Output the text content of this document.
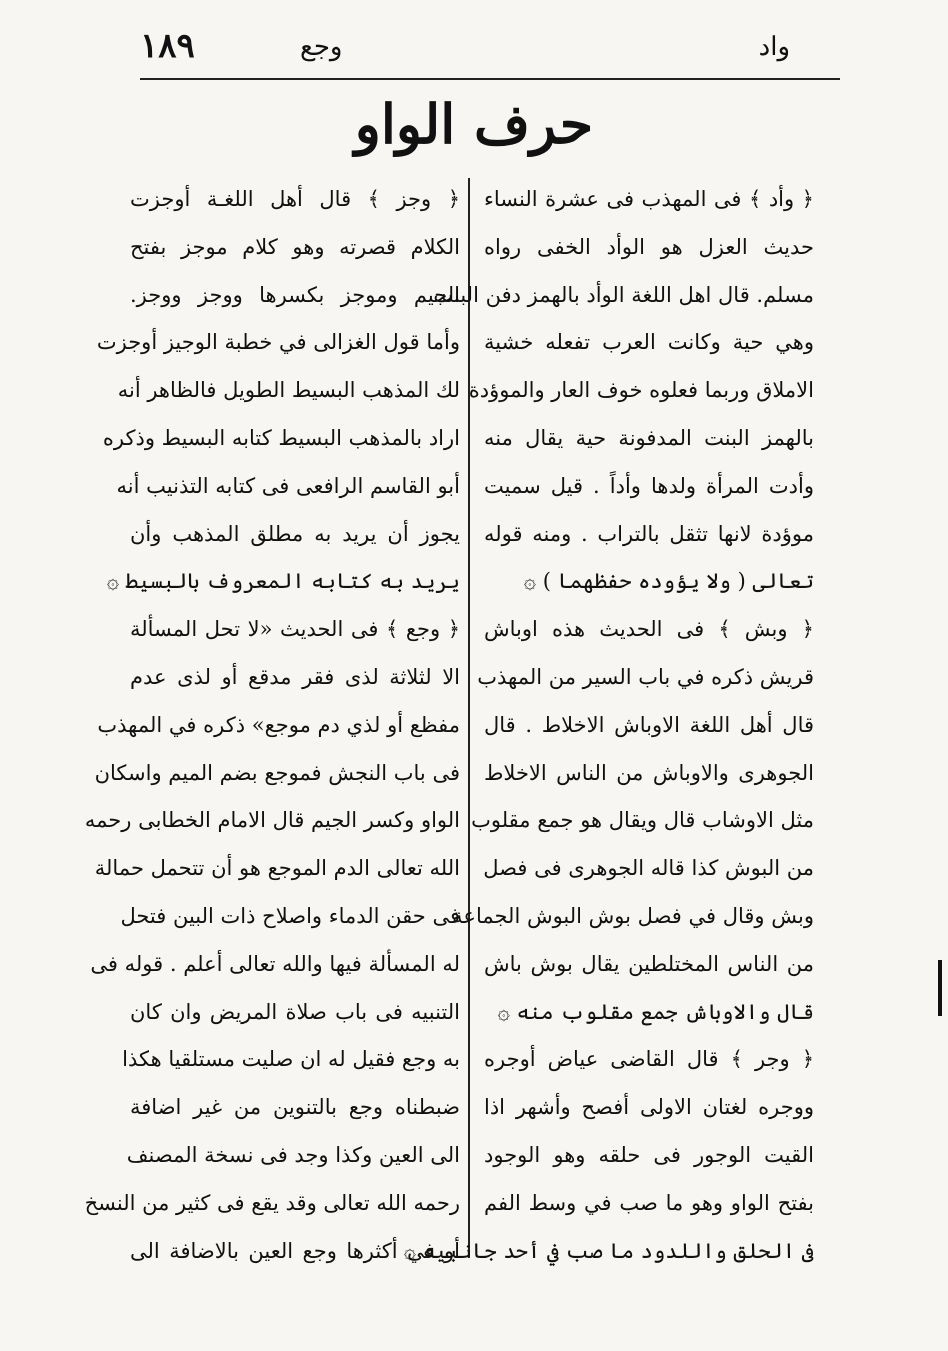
١٨٩	وجع	واد
حرف الواو
﴿ وأد ﴾ فى المهذب فى عشرة النساء
حديث العزل هو الوأد الخفى رواه
مسلم. قال اهل اللغة الوأد بالهمز دفن البنت
وهي حية وكانت العرب تفعله خشية
الاملاق وربما فعلوه خوف العار والموؤدة
بالهمز البنت المدفونة حية يقال منه
وأدت المرأة ولدها وأداً . قيل سميت
موؤدة لانها تثقل بالتراب . ومنه قوله
تعالى ( ولا يؤوده حفظهما ) ۞
﴿ وبش ﴾ فى الحديث هذه اوباش
قريش ذكره في باب السير من المهذب
قال أهل اللغة الاوباش الاخلاط . قال
الجوهرى والاوباش من الناس الاخلاط
مثل الاوشاب قال ويقال هو جمع مقلوب
من البوش كذا قاله الجوهرى فى فصل
وبش وقال في فصل بوش البوش الجماعة
من الناس المختلطين يقال بوش باش
قال والاوباش جمع مقلوب منه ۞
﴿ وجر ﴾ قال القاضى عياض أوجره
ووجره لغتان الاولى أفصح وأشهر اذا
القيت الوجور فى حلقه وهو الوجود
بفتح الواو وهو ما صب في وسط الفم
فى الحلق واللدود ما صب في أحد جانبيه ۞
﴿ وجز ﴾ قال أهل اللغـة أوجزت
الكلام قصرته وهو كلام موجز بفتح
الجيم وموجز بكسرها ووجز ووجز.
وأما قول الغزالى في خطبة الوجيز أوجزت
لك المذهب البسيط الطويل فالظاهر أنه
اراد بالمذهب البسيط كتابه البسيط وذكره
أبو القاسم الرافعى فى كتابه التذنيب أنه
يجوز أن يريد به مطلق المذهب وأن
يريد به كتابه المعروف بالبسيط ۞
﴿ وجع ﴾ فى الحديث «لا تحل المسألة
الا لثلاثة لذى فقر مدقع أو لذى عدم
مفظع أو لذي دم موجع» ذكره في المهذب
فى باب النجش فموجع بضم الميم واسكان
الواو وكسر الجيم قال الامام الخطابى رحمه
الله تعالى الدم الموجع هو أن تتحمل حمالة
فى حقن الدماء واصلاح ذات البين فتحل
له المسألة فيها والله تعالى أعلم . قوله فى
التنبيه فى باب صلاة المريض وان كان
به وجع فقيل له ان صليت مستلقيا هكذا
ضبطناه وجع بالتنوين من غير اضافة
الى العين وكذا وجد فى نسخة المصنف
رحمه الله تعالى وقد يقع فى كثير من النسخ
أو في أكثرها وجع العين بالاضافة الى
